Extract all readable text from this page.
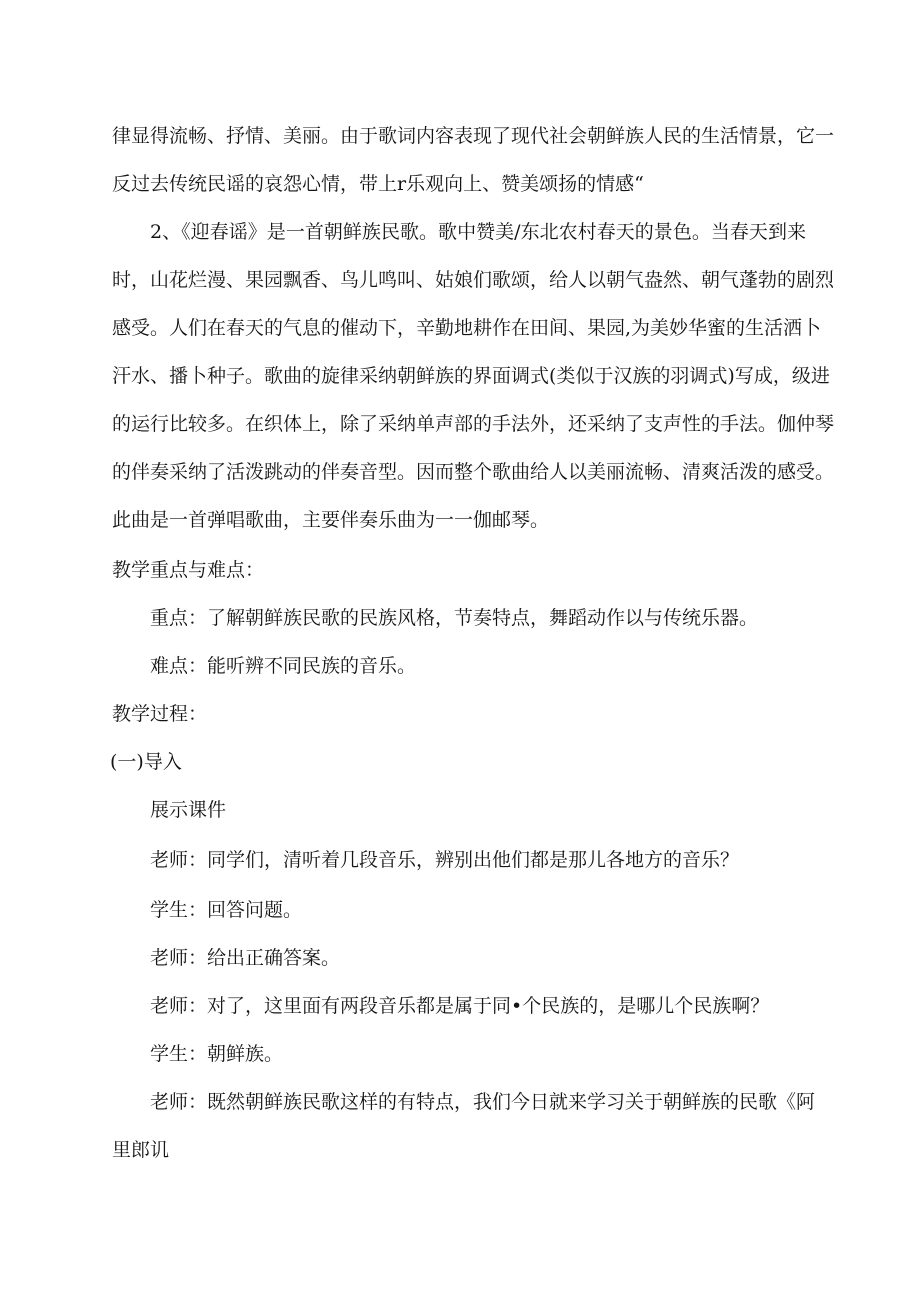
律显得流畅、抒情、美丽。由于歌词内容表现了现代社会朝鲜族人民的生活情景，它一
反过去传统民谣的哀怨心情，带上r乐观向上、赞美颂扬的情感“
2、《迎春谣》是一首朝鲜族民歌。歌中赞美/东北农村春天的景色。当春天到来
时，山花烂漫、果园飘香、鸟儿鸣叫、姑娘们歌颂，给人以朝气盎然、朝气蓬勃的剧烈
感受。人们在春天的气息的催动下，辛勤地耕作在田间、果园,为美妙华蜜的生活洒卜
汗水、播卜种子。歌曲的旋律采纳朝鲜族的界面调式(类似于汉族的羽调式)写成，级进
的运行比较多。在织体上，除了采纳单声部的手法外，还采纳了支声性的手法。伽仲琴
的伴奏采纳了活泼跳动的伴奏音型。因而整个歌曲给人以美丽流畅、清爽活泼的感受。
此曲是一首弹唱歌曲，主要伴奏乐曲为一一伽邮琴。
教学重点与难点：
重点：了解朝鲜族民歌的民族风格，节奏特点，舞蹈动作以与传统乐器。
难点：能听辨不同民族的音乐。
教学过程：
(一)导入
展示课件
老师：同学们，清听着几段音乐，辨别出他们都是那儿各地方的音乐？
学生：回答问题。
老师：给出正确答案。
老师：对了，这里面有两段音乐都是属于同•个民族的，是哪儿个民族啊？
学生：朝鲜族。
老师：既然朝鲜族民歌这样的有特点，我们今日就来学习关于朝鲜族的民歌《阿
里郎讥
